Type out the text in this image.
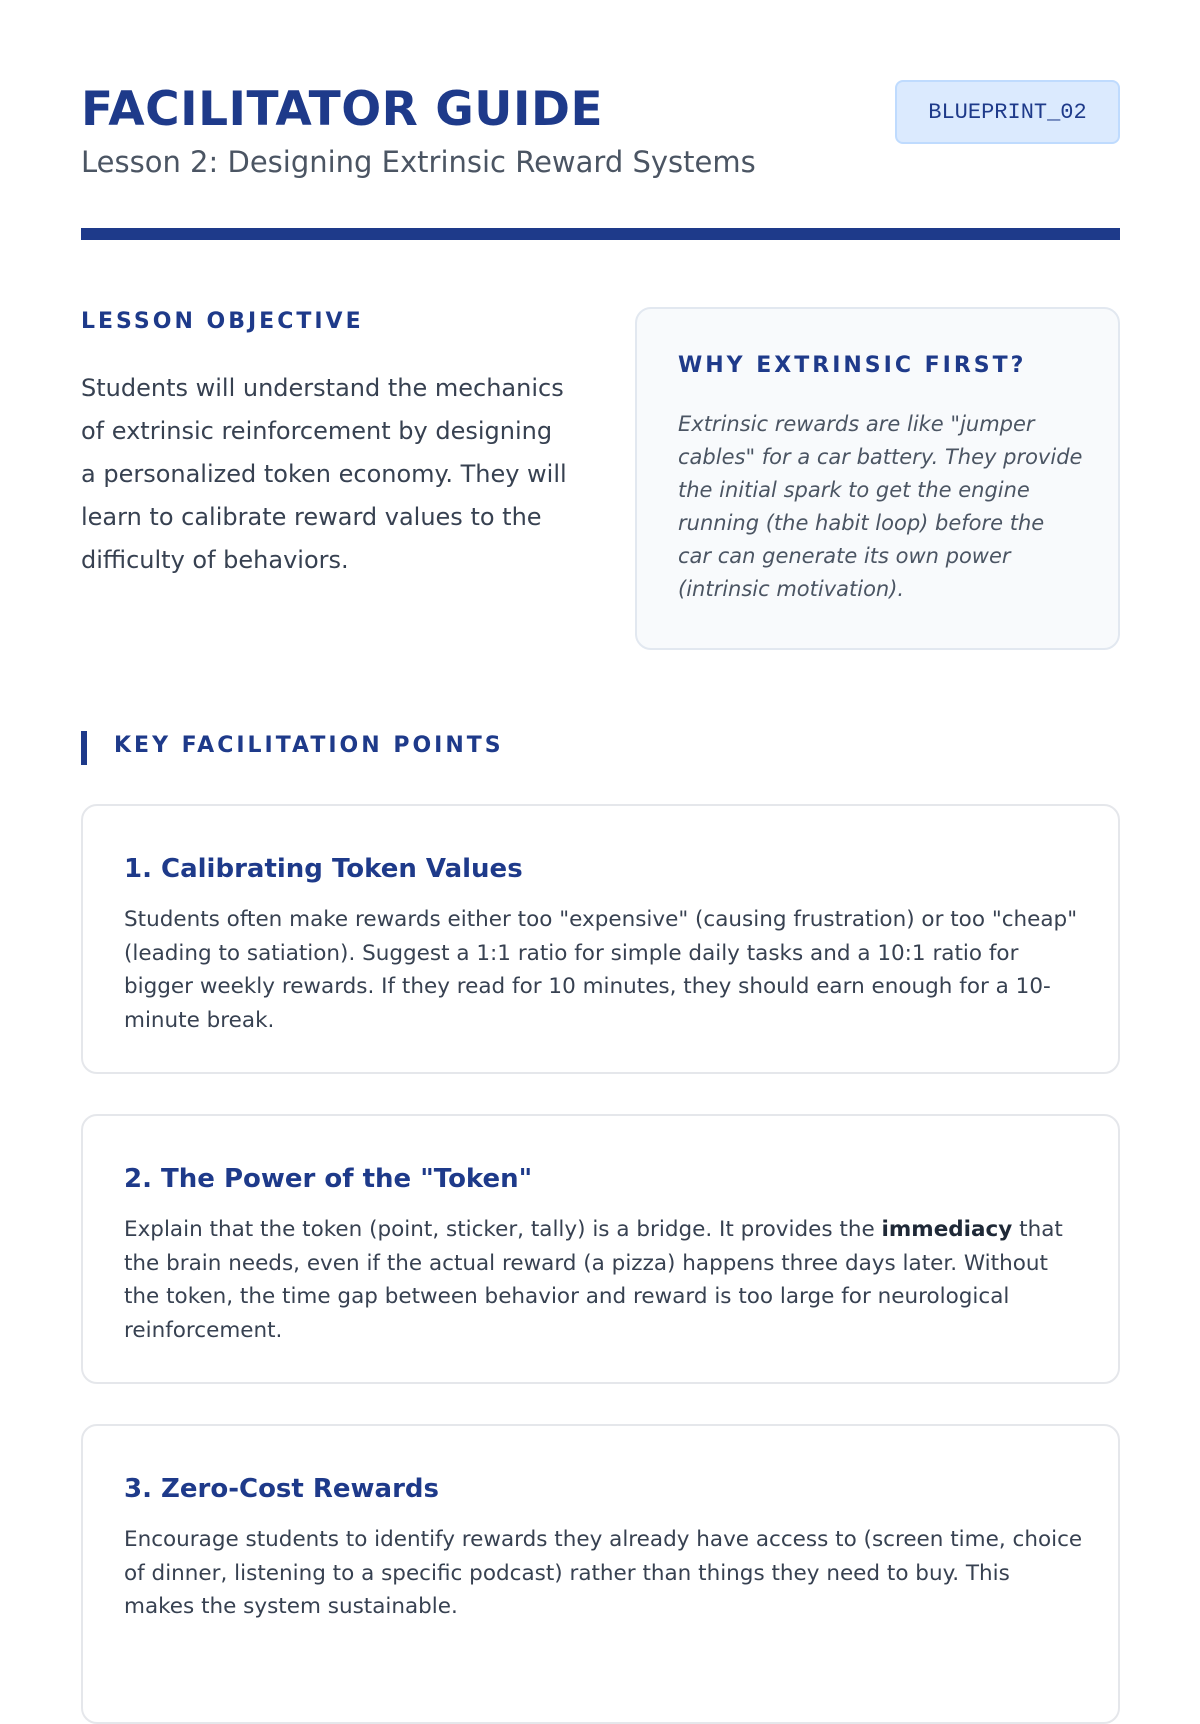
FACILITATOR GUIDE
Lesson 2: Designing Extrinsic Reward Systems
BLUEPRINT_02
LESSON OBJECTIVE

Students will understand the mechanics of extrinsic reinforcement by designing a personalized token economy. They will learn to calibrate reward values to the difficulty of behaviors.

WHY EXTRINSIC FIRST?

Extrinsic rewards are like "jumper cables" for a car battery. They provide the initial spark to get the engine running (the habit loop) before the car can generate its own power (intrinsic motivation).

KEY FACILITATION POINTS
1. Calibrating Token Values

Students often make rewards either too "expensive" (causing frustration) or too "cheap" (leading to satiation). Suggest a 1:1 ratio for simple daily tasks and a 10:1 ratio for bigger weekly rewards. If they read for 10 minutes, they should earn enough for a 10-minute break.

2. The Power of the "Token"

Explain that the token (point, sticker, tally) is a bridge. It provides the immediacy that the brain needs, even if the actual reward (a pizza) happens three days later. Without the token, the time gap between behavior and reward is too large for neurological reinforcement.

3. Zero-Cost Rewards

Encourage students to identify rewards they already have access to (screen time, choice of dinner, listening to a specific podcast) rather than things they need to buy. This makes the system sustainable.
